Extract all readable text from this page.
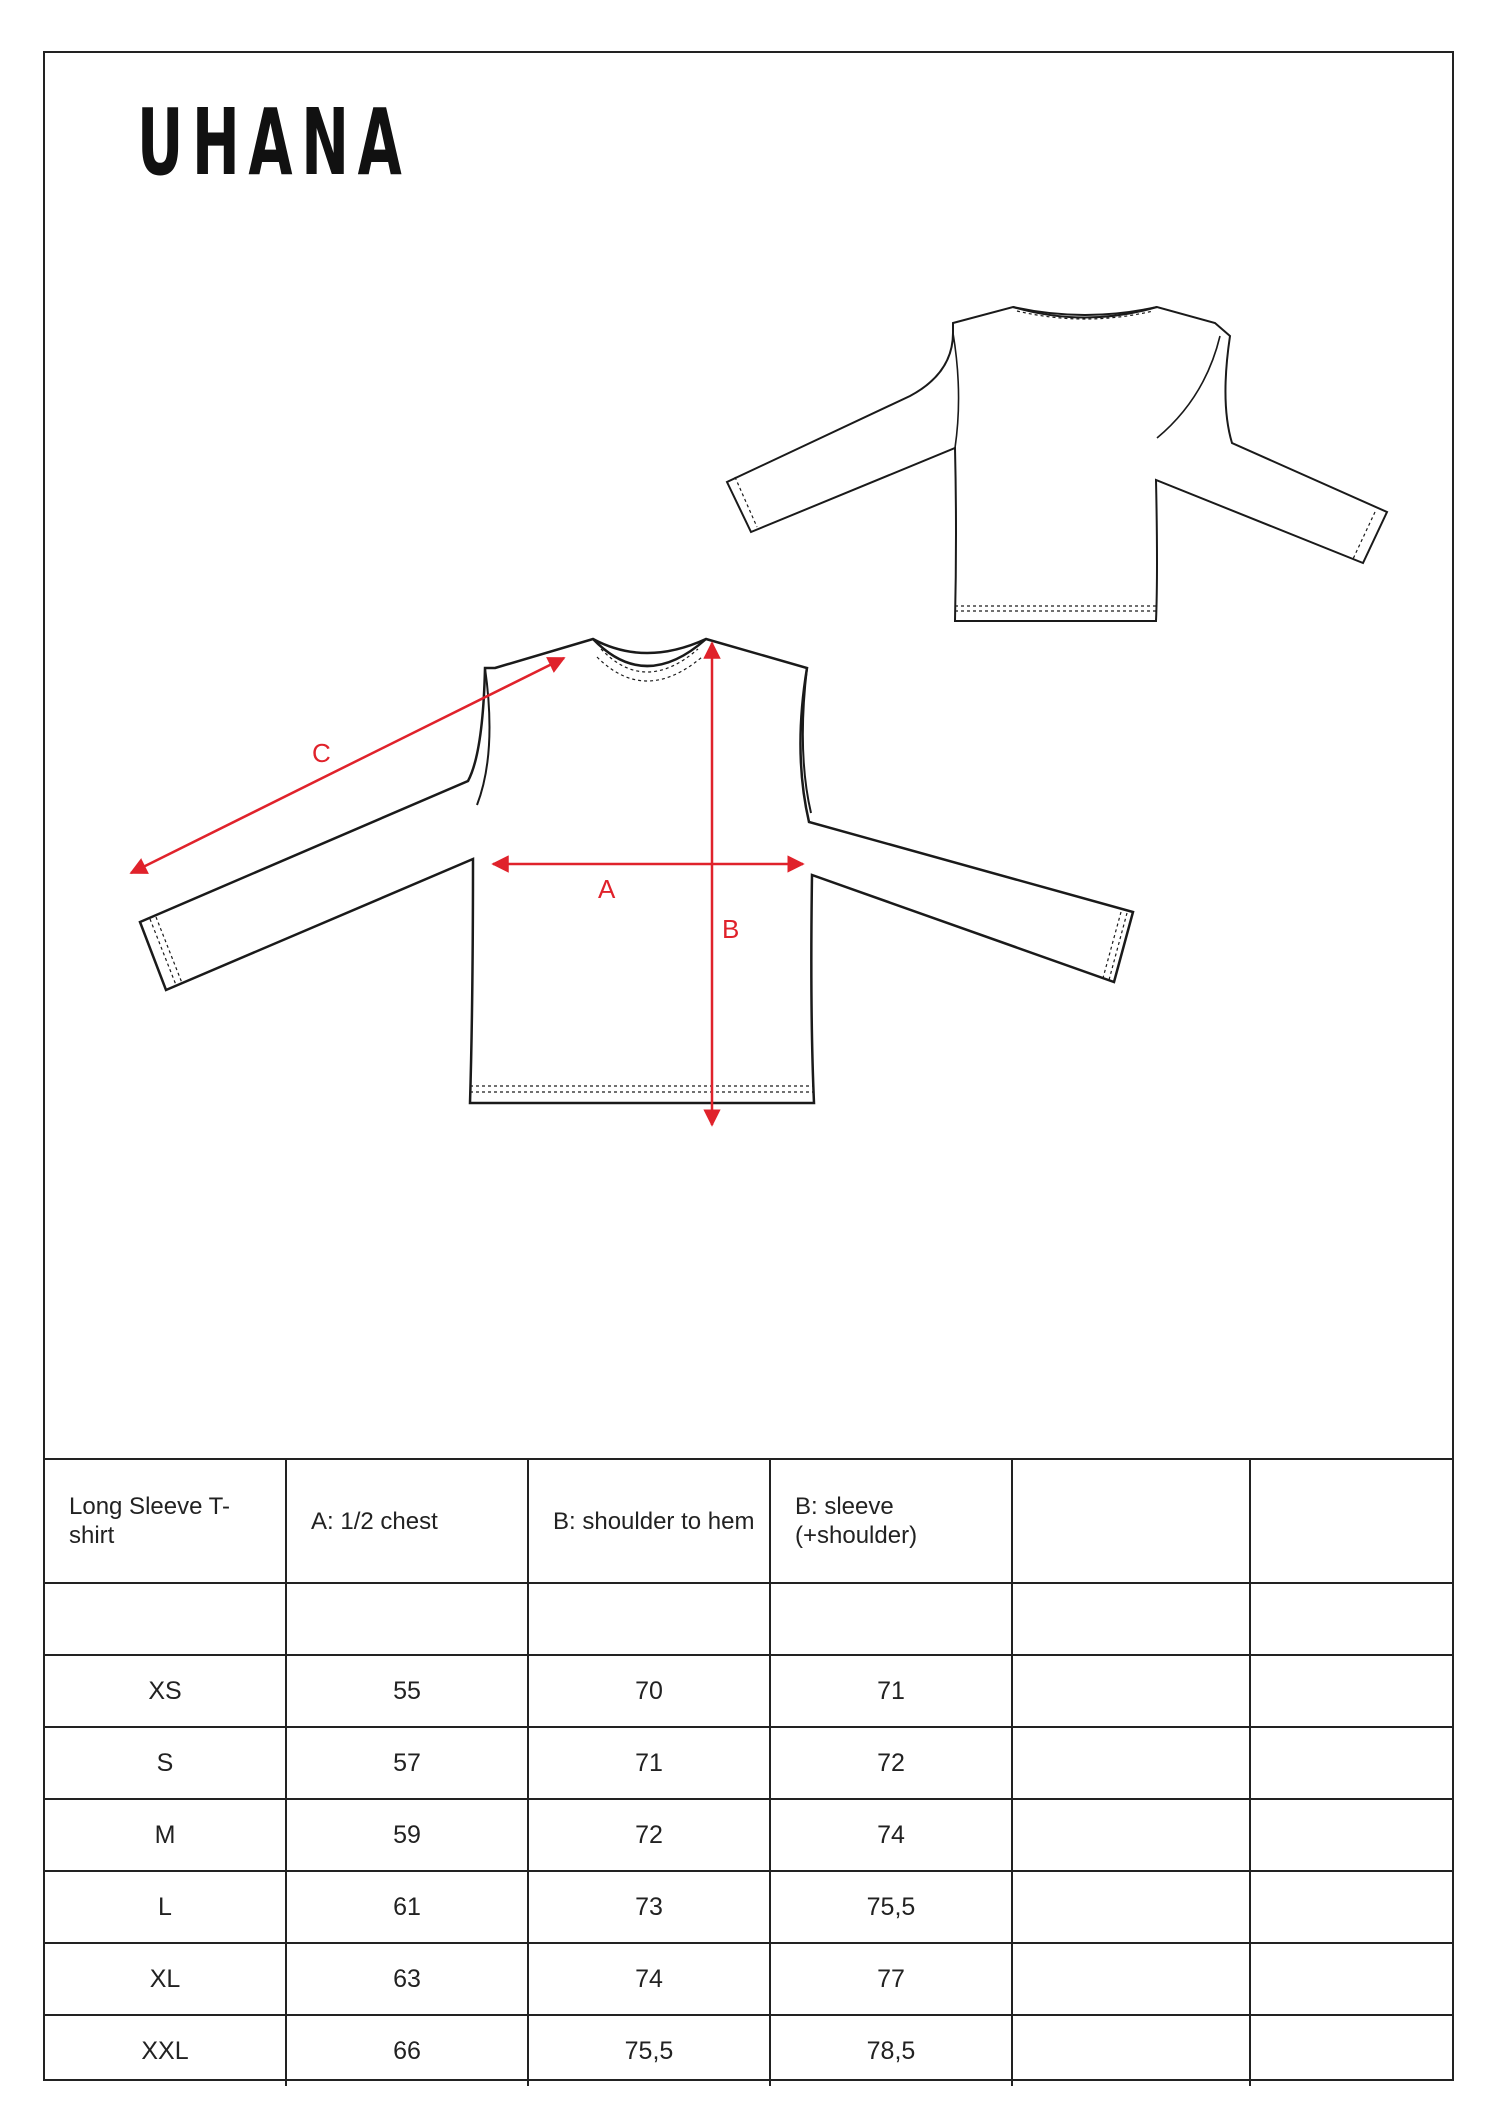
UHANA
C
A
B
Long Sleeve T-shirt	A: 1/2 chest	B: shoulder to hem	B: sleeve (+shoulder)		

XS	55	70	71		
S	57	71	72		
M	59	72	74		
L	61	73	75,5		
XL	63	74	77		
XXL	66	75,5	78,5		
